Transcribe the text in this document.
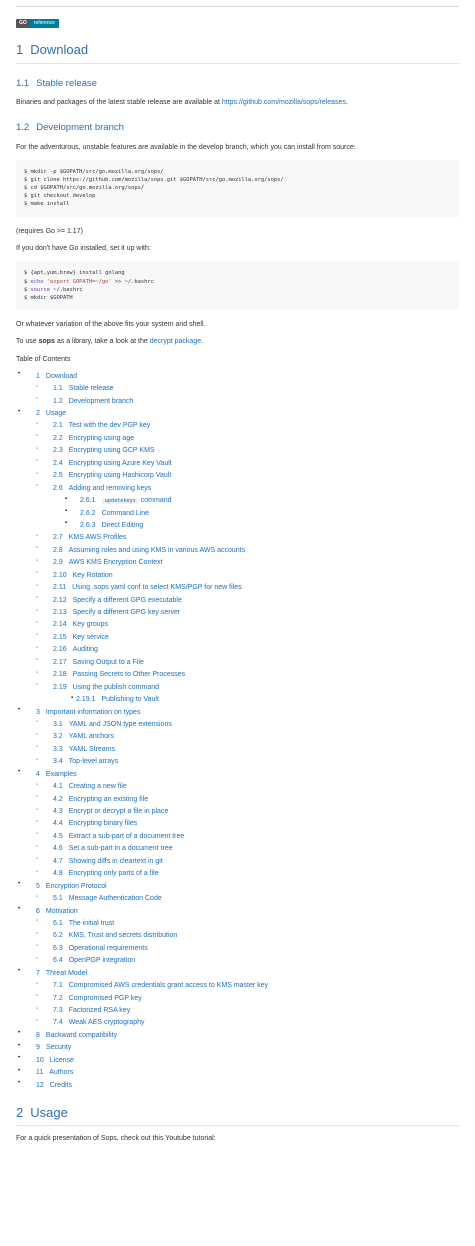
GO	reference
1 Download
1.1 Stable release

Binaries and packages of the latest stable release are available at https://github.com/mozilla/sops/releases.

1.2 Development branch

For the adventurous, unstable features are available in the develop branch, which you can install from source:

$ mkdir -p $GOPATH/src/go.mozilla.org/sops/
$ git clone https://github.com/mozilla/sops.git $GOPATH/src/go.mozilla.org/sops/
$ cd $GOPATH/src/go.mozilla.org/sops/
$ git checkout develop
$ make install

(requires Go >= 1.17)

If you don't have Go installed, set it up with:

$ {apt,yum,brew} install golang
$ echo 'export GOPATH=~/go' >> ~/.bashrc
$ source ~/.bashrc
$ mkdir $GOPATH

Or whatever variation of the above fits your system and shell.

To use sops as a library, take a look at the decrypt package.

Table of Contents

• 1 Download
◦ 1.1 Stable release
◦ 1.2 Development branch
• 2 Usage
◦ 2.1 Test with the dev PGP key
◦ 2.2 Encrypting using age
◦ 2.3 Encrypting using GCP KMS
◦ 2.4 Encrypting using Azure Key Vault
◦ 2.5 Encrypting using Hashicorp Vault
◦ 2.6 Adding and removing keys
▪ 2.6.1 updatekeys command
▪ 2.6.2 Command Line
▪ 2.6.3 Direct Editing
◦ 2.7 KMS AWS Profiles
◦ 2.8 Assuming roles and using KMS in various AWS accounts
◦ 2.9 AWS KMS Encryption Context
◦ 2.10 Key Rotation
◦ 2.11 Using .sops.yaml conf to select KMS/PGP for new files
◦ 2.12 Specify a different GPG executable
◦ 2.13 Specify a different GPG key server
◦ 2.14 Key groups
◦ 2.15 Key service
◦ 2.16 Auditing
◦ 2.17 Saving Output to a File
◦ 2.18 Passing Secrets to Other Processes
◦ 2.19 Using the publish command
▪ 2.19.1 Publishing to Vault
• 3 Important information on types
◦ 3.1 YAML and JSON type extensions
◦ 3.2 YAML anchors
◦ 3.3 YAML Streams
◦ 3.4 Top-level arrays
• 4 Examples
◦ 4.1 Creating a new file
◦ 4.2 Encrypting an existing file
◦ 4.3 Encrypt or decrypt a file in place
◦ 4.4 Encrypting binary files
◦ 4.5 Extract a sub-part of a document tree
◦ 4.6 Set a sub-part in a document tree
◦ 4.7 Showing diffs in cleartext in git
◦ 4.8 Encrypting only parts of a file
• 5 Encryption Protocol
◦ 5.1 Message Authentication Code
• 6 Motivation
◦ 6.1 The initial trust
◦ 6.2 KMS, Trust and secrets distribution
◦ 6.3 Operational requirements
◦ 6.4 OpenPGP integration
• 7 Threat Model
◦ 7.1 Compromised AWS credentials grant access to KMS master key
◦ 7.2 Compromised PGP key
◦ 7.3 Factorized RSA key
◦ 7.4 Weak AES cryptography
• 8 Backward compatibility
• 9 Security
• 10 License
• 11 Authors
• 12 Credits
2 Usage

For a quick presentation of Sops, check out this Youtube tutorial:
